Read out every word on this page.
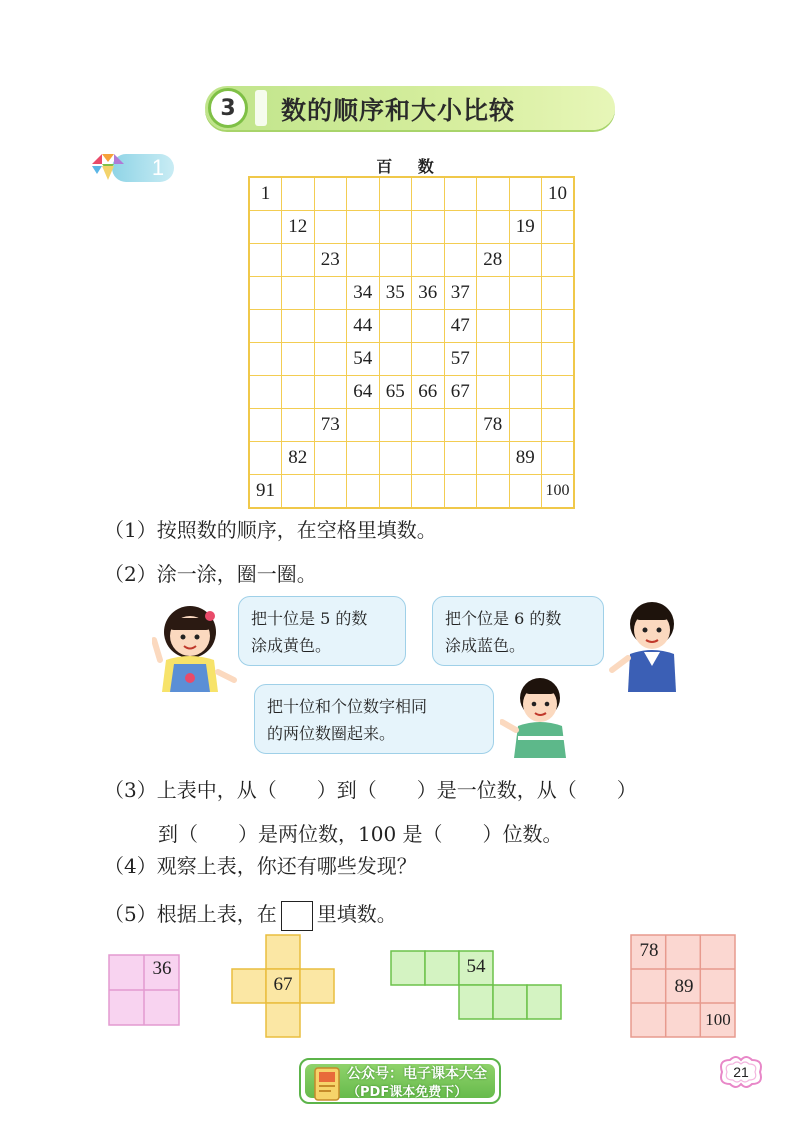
3	数的顺序和大小比较
1	百 数
1									10
	12							19	
		23					28		
			34	35	36	37			
			44			47			
			54			57			
			64	65	66	67			
		73					78		
	82							89	
91									100
（1）按照数的顺序，在空格里填数。
（2）涂一涂，圈一圈。

把十位是 5 的数

涂成黄色。

把个位是 6 的数

涂成蓝色。

把十位和个位数字相同

的两位数圈起来。

（3）上表中，从（　　）到（　　）是一位数，从（　　）
到（　　）是两位数，100 是（　　）位数。
（4）观察上表，你还有哪些发现？
（5）根据上表，在 里填数。
36
67
54
78
89
100
公众号：电子课本大全
（PDF课本免费下）
21
